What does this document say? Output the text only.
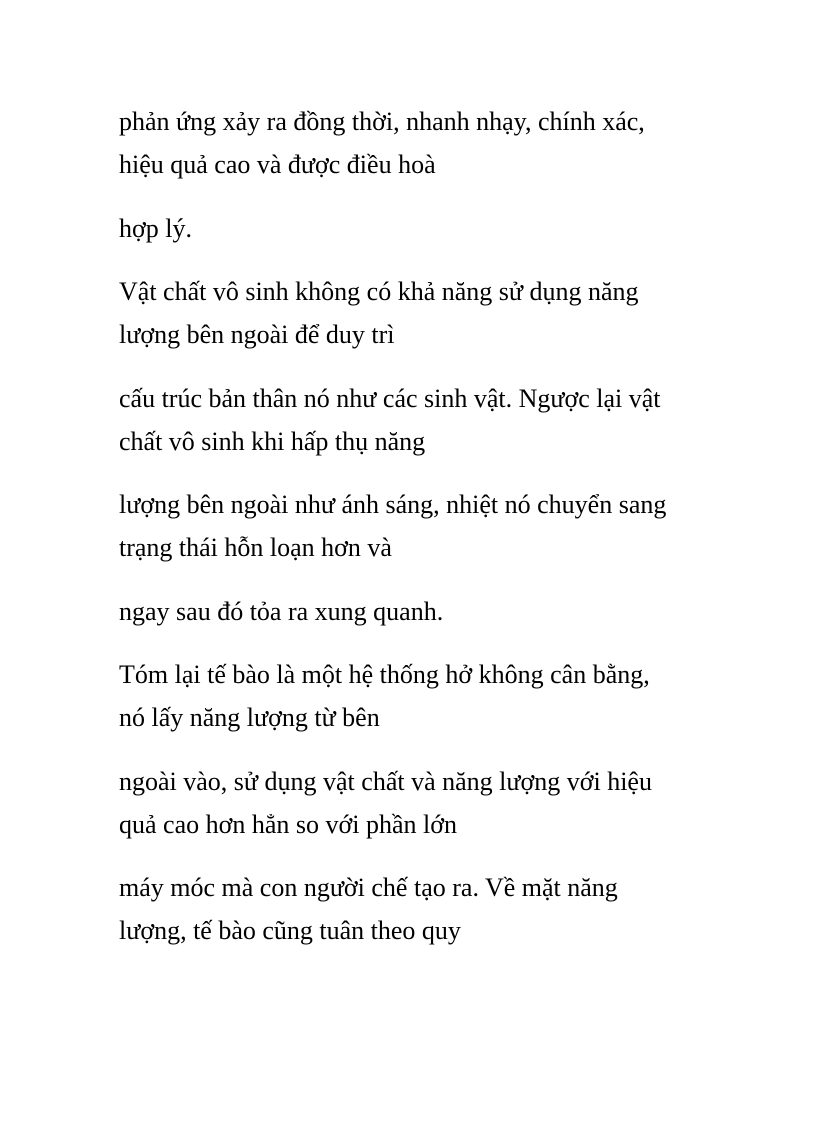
phản ứng xảy ra đồng thời, nhanh nhạy, chính xác,
hiệu quả cao và được điều hoà

hợp lý.

Vật chất vô sinh không có khả năng sử dụng năng
lượng bên ngoài để duy trì

cấu trúc bản thân nó như các sinh vật. Ngược lại vật
chất vô sinh khi hấp thụ năng

lượng bên ngoài như ánh sáng, nhiệt nó chuyển sang
trạng thái hỗn loạn hơn và

ngay sau đó tỏa ra xung quanh.

Tóm lại tế bào là một hệ thống hở không cân bằng,
nó lấy năng lượng từ bên

ngoài vào, sử dụng vật chất và năng lượng với hiệu
quả cao hơn hẳn so với phần lớn

máy móc mà con người chế tạo ra. Về mặt năng
lượng, tế bào cũng tuân theo quy
